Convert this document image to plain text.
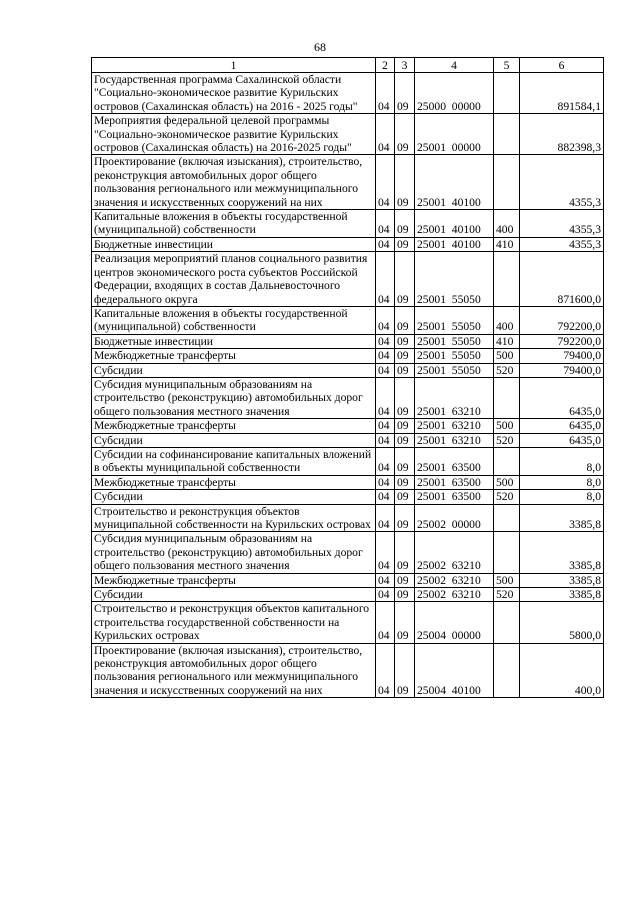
68
1	2	3	4	5	6
Государственная программа Сахалинской области "Социально-экономическое развитие Курильских островов (Сахалинская область) на 2016 - 2025 годы"	04	09	25000  00000		891584,1
Мероприятия федеральной целевой программы "Социально-экономическое развитие Курильских островов (Сахалинская область) на 2016-2025 годы"	04	09	25001  00000		882398,3
Проектирование (включая изыскания), строительство, реконструкция автомобильных дорог общего пользования регионального или межмуниципального значения и искусственных сооружений на них	04	09	25001  40100		4355,3
Капитальные вложения в объекты государственной (муниципальной) собственности	04	09	25001  40100	400	4355,3
Бюджетные инвестиции	04	09	25001  40100	410	4355,3
Реализация мероприятий планов социального развития центров экономического роста субъектов Российской Федерации, входящих в состав Дальневосточного федерального округа	04	09	25001  55050		871600,0
Капитальные вложения в объекты государственной (муниципальной) собственности	04	09	25001  55050	400	792200,0
Бюджетные инвестиции	04	09	25001  55050	410	792200,0
Межбюджетные трансферты	04	09	25001  55050	500	79400,0
Субсидии	04	09	25001  55050	520	79400,0
Субсидия муниципальным образованиям на строительство (реконструкцию) автомобильных дорог общего пользования местного значения	04	09	25001  63210		6435,0
Межбюджетные трансферты	04	09	25001  63210	500	6435,0
Субсидии	04	09	25001  63210	520	6435,0
Субсидии на софинансирование капитальных вложений в объекты муниципальной собственности	04	09	25001  63500		8,0
Межбюджетные трансферты	04	09	25001  63500	500	8,0
Субсидии	04	09	25001  63500	520	8,0
Строительство и реконструкция объектов муниципальной собственности на Курильских островах	04	09	25002  00000		3385,8
Субсидия муниципальным образованиям на строительство (реконструкцию) автомобильных дорог общего пользования местного значения	04	09	25002  63210		3385,8
Межбюджетные трансферты	04	09	25002  63210	500	3385,8
Субсидии	04	09	25002  63210	520	3385,8
Строительство и реконструкция объектов капитального строительства государственной собственности на Курильских островах	04	09	25004  00000		5800,0
Проектирование (включая изыскания), строительство, реконструкция автомобильных дорог общего пользования регионального или межмуниципального значения и искусственных сооружений на них	04	09	25004  40100		400,0
